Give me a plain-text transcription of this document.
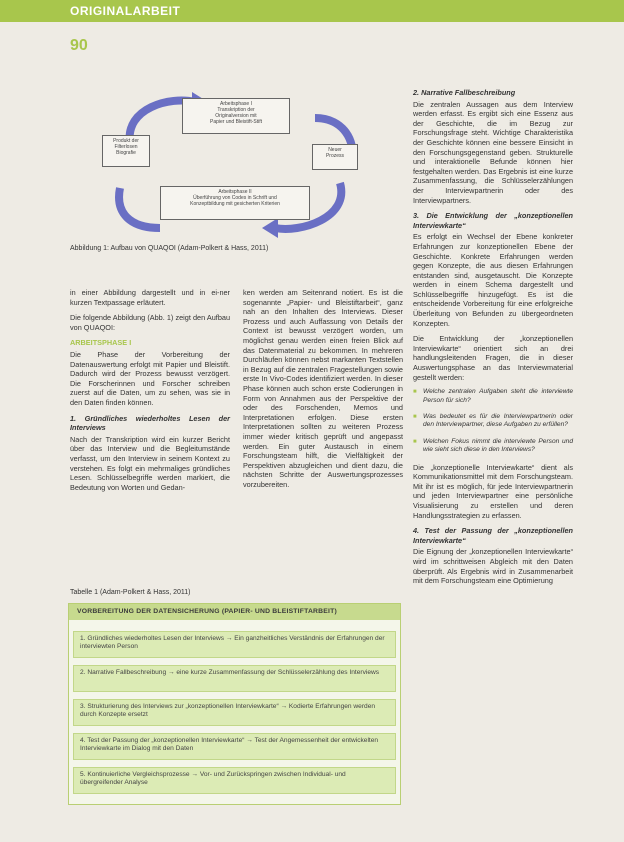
ORIGINALARBEIT
90
Arbeitsphase I
Transkription der
Originalversion mit
Papier und Bleistift-Stift
Produkt der
Filterlosen
Biografie	Neuer
Prozess
Arbeitsphase II
Überführung von Codes in Schrift und
Konzeptbildung mit gesicherten Kriterien
Abbildung 1: Aufbau von QUAQOI (Adam-Polkert & Hass, 2011)

in einer Abbildung dargestellt und in ei-ner kurzen Textpassage erläutert.

Die folgende Abbildung (Abb. 1) zeigt den Aufbau von QUAQOI:

ARBEITSPHASE I

Die Phase der Vorbereitung der Datenauswertung erfolgt mit Papier und Bleistift. Dadurch wird der Prozess bewusst verzögert. Die Forscherinnen und Forscher schreiben zuerst auf die Daten, um zu sehen, was sie in den Daten finden können.

1. Gründliches wiederholtes Lesen der Interviews

Nach der Transkription wird ein kurzer Bericht über das Interview und die Begleitumstände verfasst, um den Interview in seinem Kontext zu verstehen. Es folgt ein mehrmaliges gründliches Lesen. Schlüsselbegriffe werden markiert, die Bedeutung von Worten und Gedan-

ken werden am Seitenrand notiert. Es ist die sogenannte „Papier- und Bleistiftarbeit“, ganz nah an den Inhalten des Interviews. Dieser Prozess und auch Auffassung von Details der Context ist bewusst verzögert worden, um möglichst genau werden einen freien Blick auf das Datenmaterial zu bekommen. In mehreren Durchläufen können nebst markanten Textstellen in Bezug auf die zentralen Fragestellungen sowie erste In Vivo-Codes identifiziert werden. In dieser Phase können auch schon erste Codierungen in Form von Annahmen aus der Perspektive der oder des Forschenden, Memos und Interpretationen erfolgen. Diese ersten Interpretationen sollten zu weiteren Prozess immer wieder kritisch geprüft und angepasst werden. Ein guter Austausch in einem Forschungsteam hilft, die Vielfältigkeit der Perspektiven abzugleichen und dient dazu, die nächsten Schritte der Auswertungsprozesses vorzubereiten.

2. Narrative Fallbeschreibung

Die zentralen Aussagen aus dem Interview werden erfasst. Es ergibt sich eine Essenz aus der Geschichte, die im Bezug zur Forschungsfrage steht. Wichtige Charakteristika der Geschichte können eine bessere Einsicht in den Forschungsgegenstand geben. Strukturelle und interaktionelle Befunde können hier festgehalten werden. Das Ergebnis ist eine kurze Zusammenfassung, die Schlüsselerzählungen der Interviewpartnerin oder des Interviewpartners.

3. Die Entwicklung der „konzeptionellen Interviewkarte“

Es erfolgt ein Wechsel der Ebene konkreter Erfahrungen zur konzeptionellen Ebene der Geschichte. Konkrete Erfahrungen werden gegen Konzepte, die aus diesen Erfahrungen entstanden sind, ausgetauscht. Die Konzepte werden in einem Schema dargestellt und Schlüsselbegriffe hinzugefügt. Es ist die entscheidende Vorbereitung für eine erfolgreiche Überleitung von Befunden zu übergeordneten Konzepten.

Die Entwicklung der „konzeptionellen Interviewkarte“ orientiert sich an drei handlungsleitenden Fragen, die in dieser Auswertungsphase an das Interviewmaterial gestellt werden:

■ Welche zentralen Aufgaben steht die interviewte Person für sich?
■ Was bedeutet es für die Interviewpartnerin oder den Interviewpartner, diese Aufgaben zu erfüllen?
■ Welchen Fokus nimmt die interviewte Person und wie sieht sich diese in den Interviews?

Die „konzeptionelle Interviewkarte“ dient als Kommunikationsmittel mit dem Forschungsteam. Mit ihr ist es möglich, für jede Interviewpartnerin und jeden Interviewpartner eine persönliche Visualisierung zu erstellen und deren Handlungsstrategien zu erfassen.

4. Test der Passung der „konzeptionellen Interviewkarte“

Die Eignung der „konzeptionellen Interviewkarte“ wird im schrittweisen Abgleich mit den Daten überprüft. Als Ergebnis wird in Zusammenarbeit mit dem Forschungsteam eine Optimierung

Tabelle 1 (Adam-Polkert & Hass, 2011)
VORBEREITUNG DER DATENSICHERUNG (PAPIER- UND BLEISTIFTARBEIT)
1. Gründliches wiederholtes Lesen der Interviews → Ein ganzheitliches Verständnis der Erfahrungen der interviewten Person
2. Narrative Fallbeschreibung → eine kurze Zusammenfassung der Schlüsselerzählung des Interviews
3. Strukturierung des Interviews zur „konzeptionellen Interviewkarte“ → Kodierte Erfahrungen werden durch Konzepte ersetzt
4. Test der Passung der „konzeptionellen Interviewkarte“ → Test der Angemessenheit der entwickelten Interviewkarte im Dialog mit den Daten
5. Kontinuierliche Vergleichsprozesse → Vor- und Zurückspringen zwischen Individual- und übergreifender Analyse
